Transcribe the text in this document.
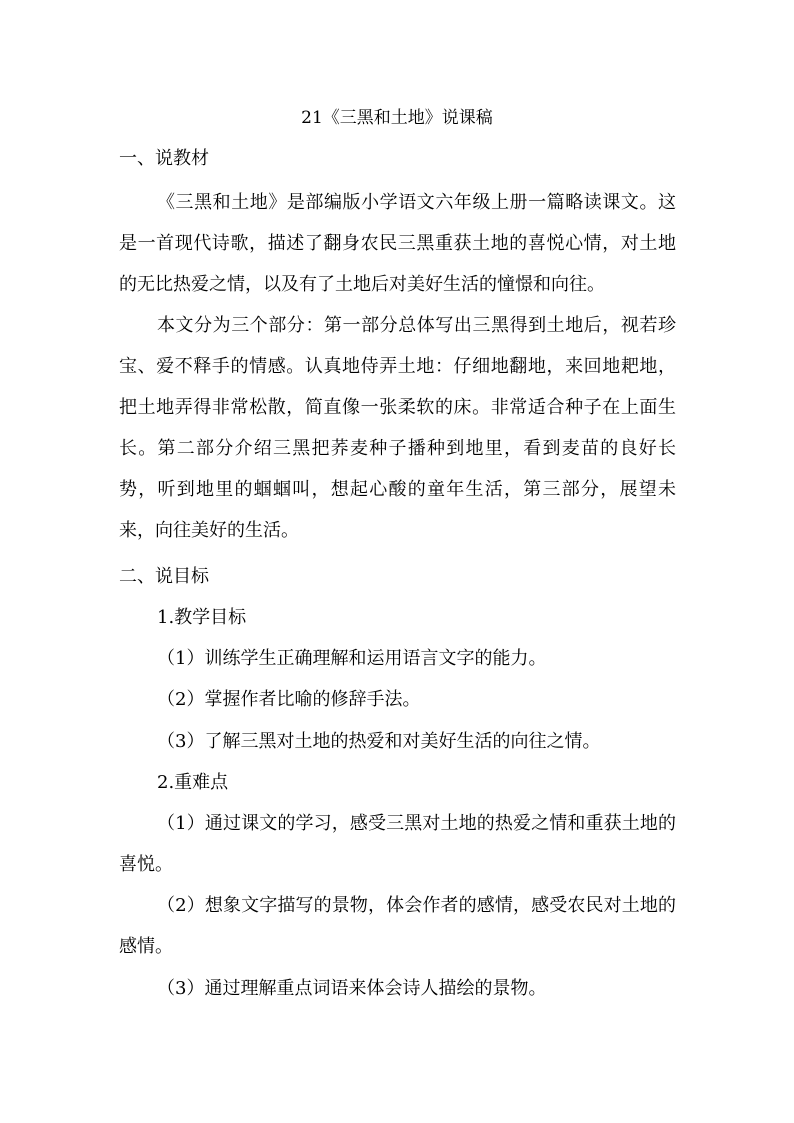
21《三黑和土地》说课稿
一、说教材

《三黑和土地》是部编版小学语文六年级上册一篇略读课文。这是一首现代诗歌，描述了翻身农民三黑重获土地的喜悦心情，对土地的无比热爱之情，以及有了土地后对美好生活的憧憬和向往。

本文分为三个部分：第一部分总体写出三黑得到土地后，视若珍宝、爱不释手的情感。认真地侍弄土地：仔细地翻地，来回地耙地，把土地弄得非常松散，简直像一张柔软的床。非常适合种子在上面生长。第二部分介绍三黑把荞麦种子播种到地里，看到麦苗的良好长势，听到地里的蝈蝈叫，想起心酸的童年生活，第三部分，展望未来，向往美好的生活。

二、说目标
1.教学目标

（1）训练学生正确理解和运用语言文字的能力。

（2）掌握作者比喻的修辞手法。

（3）了解三黑对土地的热爱和对美好生活的向往之情。

2.重难点

（1）通过课文的学习，感受三黑对土地的热爱之情和重获土地的喜悦。

（2）想象文字描写的景物，体会作者的感情，感受农民对土地的感情。

（3）通过理解重点词语来体会诗人描绘的景物。
